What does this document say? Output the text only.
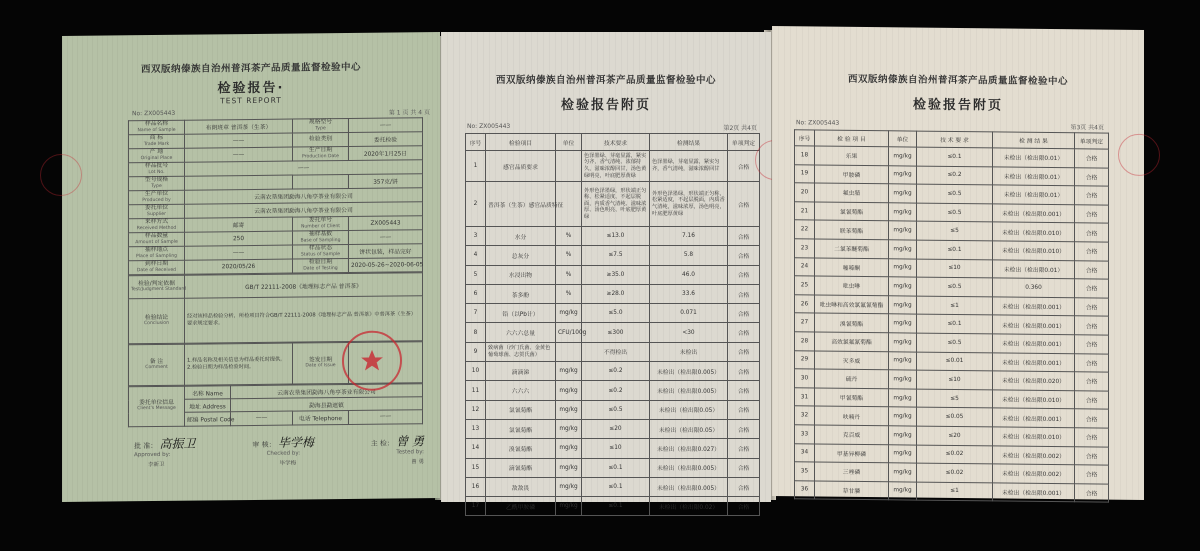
西双版纳傣族自治州普洱茶产品质量监督检验中心
检验报告·
TEST REPORT
No: ZX005443	第 1 页 共 4 页
样品名称
Name of Sample	布朗班章 普洱茶（生茶）	规格型号
Type	——
商 标
Trade Mark	——	检验类别	委托检验
产 地
Original Place	——	生产日期
Production Date	2020年1月25日
样品批号
Lot No.	——		
型号规格
Type			357克/饼
生产单位
Produced by	云南农垦集团勐海八角亭茶业有限公司		
委托单位
Supplier	云南农垦集团勐海八角亭茶业有限公司		
来样方式
Received Method	邮寄	委托单号
Number of Client	ZX005443
样品数量
Amount of Sample	250	抽样基数
Base of Sampling	——
抽样地点
Place of Sampling	——	样品状态
Status of Sample	饼状包装，样品完好
到样日期
Date of Received	2020/05/26	检验日期
Date of Testing	2020-05-26~2020-06-05
检验/判定依据
Test/Judgment Standard	GB/T 22111-2008《地理标志产品 普洱茶》
检验结论
Conclusion	经对该样品检验分析，所检项目符合GB/T 22111-2008《地理标志产品 普洱茶》中普洱茶（生茶）要求规定要求。
备 注
Comment
	1.样品名称及相关信息为样品委托时提供。 2.检验日期为样品检验时间。	签发日期
Date of Issue

委托单位信息
Client's Message	名称 Name	云南农垦集团勐海八角亭茶业有限公司		
	地址 Address	勐海县勐遮镇		
	邮编 Postal Code	——	电话 Telephone	——
批 准： 高振卫	审 核： 毕学梅	主 检： 曾 勇
Approved by:	Checked by:	Tested by:
李新卫	毕学梅	曾 勇
西双版纳傣族自治州普洱茶产品质量监督检验中心
检验报告附页
No: ZX005443	第2页 共4页
序号	检验项目	单位	技术要求	检测结果	单项判定
1	感官品质要求		色泽墨绿、芽毫显露，紧实匀齐，香气清纯、浓郁持久，滋味浓醇回甘，汤色黄绿明亮，叶底肥厚黄绿	色泽墨绿，芽毫显露，紧实匀齐，香气清纯，滋味浓醇回甘	合格
2	普洱茶（生茶）感官品质特征		外形色泽墨绿，形状端正匀称、松紧适度、不起层脱面，内质香气清纯、滋味浓厚、汤色明亮、叶底肥厚黄绿	外形色泽墨绿，形状端正匀称，松紧适度，不起层脱面，内质香气清纯，滋味浓厚，汤色明亮，叶底肥厚黄绿	合格
3	水分	%	≤13.0	7.16	合格
4	总灰分	%	≤7.5	5.8	合格
5	水浸出物	%	≥35.0	46.0	合格
6	茶多酚	%	≥28.0	33.6	合格
7	铅（以Pb计）	mg/kg	≤5.0	0.071	合格
8	六六六总量	CFU/100g	≤300	<30	合格
9	致病菌（沙门氏菌、金黄色葡萄球菌、志贺氏菌）		不得检出	未检出	合格
10	滴滴涕	mg/kg	≤0.2	未检出（检出限0.005）	合格
11	六六六	mg/kg	≤0.2	未检出（检出限0.005）	合格
12	氯氰菊酯	mg/kg	≤0.5	未检出（检出限0.05）	合格
13	氯氰菊酯	mg/kg	≤20	未检出（检出限0.05）	合格
14	溴氰菊酯	mg/kg	≤10	未检出（检出限0.027）	合格
15	滴氰菊酯	mg/kg	≤0.1	未检出（检出限0.005）	合格
16	敌敌畏	mg/kg	≤0.1	未检出（检出限0.005）	合格
17	乙酰甲胺磷	mg/kg	≤0.1	未检出（检出限0.02）	合格
西双版纳傣族自治州普洱茶产品质量监督检验中心
检验报告附页
No: ZX005443
第3页 共4页
序号	检 验 项 目	单位	技 术 要 求	检 测 结 果	单项判定
18	乐果	mg/kg	≤0.1	未检出（检出限0.01）	合格
19	甲胺磷	mg/kg	≤0.2	未检出（检出限0.01）	合格
20	氟虫腈	mg/kg	≤0.5	未检出（检出限0.01）	合格
21	氯氰菊酯	mg/kg	≤0.5	未检出（检出限0.001）	合格
22	联苯菊酯	mg/kg	≤5	未检出（检出限0.010）	合格
23	二氯苯醚菊酯	mg/kg	≤0.1	未检出（检出限0.010）	合格
24	噻嗪酮	mg/kg	≤10	未检出（检出限0.01）	合格
25	吡虫啉	mg/kg	≤0.5	0.360	合格
26	吡虫啉和高效氯氟氰菊酯	mg/kg	≤1	未检出（检出限0.001）	合格
27	溴氰菊酯	mg/kg	≤0.1	未检出（检出限0.001）	合格
28	高效氯氟氰菊酯	mg/kg	≤0.5	未检出（检出限0.001）	合格
29	灭多威	mg/kg	≤0.01	未检出（检出限0.001）	合格
30	硫丹	mg/kg	≤10	未检出（检出限0.020）	合格
31	甲氰菊酯	mg/kg	≤5	未检出（检出限0.010）	合格
32	呋喃丹	mg/kg	≤0.05	未检出（检出限0.001）	合格
33	克百威	mg/kg	≤20	未检出（检出限0.010）	合格
34	甲基异柳磷	mg/kg	≤0.02	未检出（检出限0.002）	合格
35	三唑磷	mg/kg	≤0.02	未检出（检出限0.002）	合格
36	草甘膦	mg/kg	≤1	未检出（检出限0.001）	合格
